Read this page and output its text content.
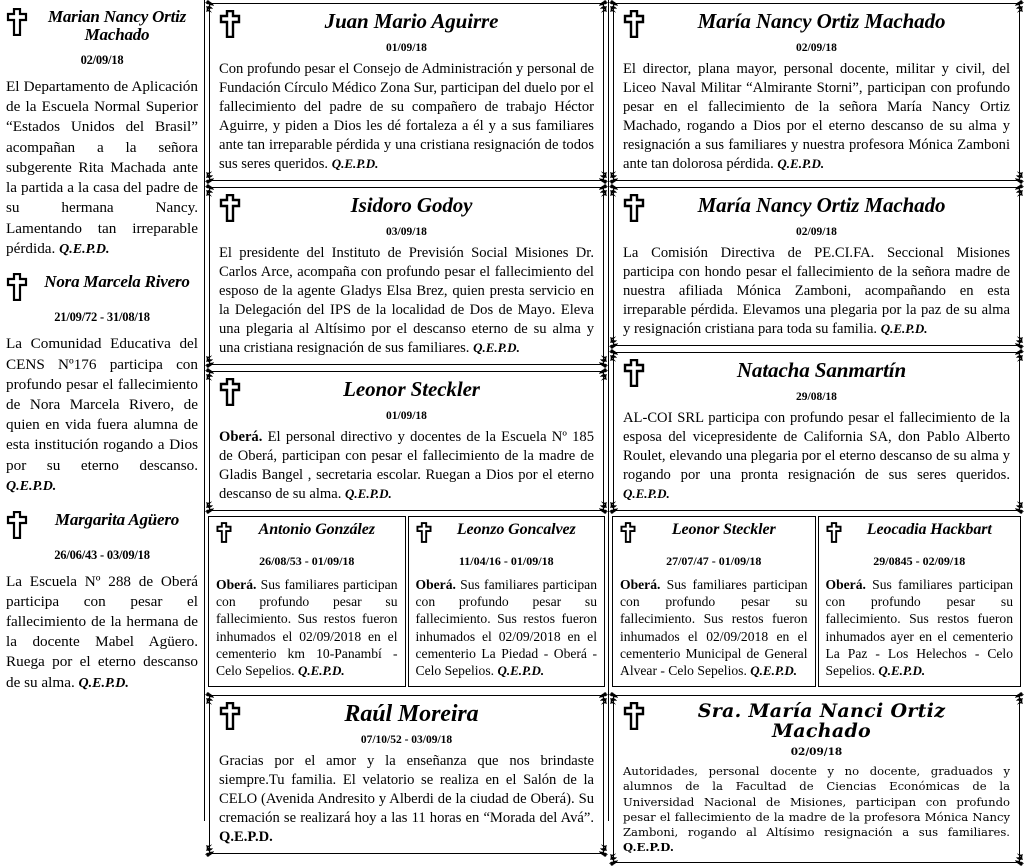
Marian Nancy Ortiz Machado
02/09/18
El Departamento de Aplicación de la Escuela Normal Superior “Estados Unidos del Brasil” acompañan a la señora subgerente Rita Machada ante la partida a la casa del padre de su hermana Nancy. Lamentando tan irreparable pérdida. Q.E.P.D.
Nora Marcela Rivero
21/09/72 - 31/08/18
La Comunidad Educativa del CENS Nº176 participa con profundo pesar el fallecimiento de Nora Marcela Rivero, de quien en vida fuera alumna de esta institución rogando a Dios por su eterno descanso. Q.E.P.D.
Margarita Agüero
26/06/43 - 03/09/18
La Escuela Nº 288 de Oberá participa con pesar el fallecimiento de la hermana de la docente Mabel Agüero. Ruega por el eterno descanso de su alma. Q.E.P.D.
Juan Mario Aguirre
01/09/18
Con profundo pesar el Consejo de Administración y personal de Fundación Círculo Médico Zona Sur, participan del duelo por el fallecimiento del padre de su compañero de trabajo Héctor Aguirre, y piden a Dios les dé fortaleza a él y a sus familiares ante tan irreparable pérdida y una cristiana resignación de todos sus seres queridos. Q.E.P.D.
Isidoro Godoy
03/09/18
El presidente del Instituto de Previsión Social Misiones Dr. Carlos Arce, acompaña con profundo pesar el fallecimiento del esposo de la agente Gladys Elsa Brez, quien presta servicio en la Delegación del IPS de la localidad de Dos de Mayo. Eleva una plegaria al Altísimo por el descanso eterno de su alma y una cristiana resignación de sus familiares. Q.E.P.D.
Leonor Steckler
01/09/18
Oberá. El personal directivo y docentes de la Escuela Nº 185 de Oberá, participan con pesar el fallecimiento de la madre de Gladis Bangel , secretaria escolar. Ruegan a Dios por el eterno descanso de su alma. Q.E.P.D.
Antonio González
26/08/53 - 01/09/18
Oberá. Sus familiares participan con profundo pesar su fallecimiento. Sus restos fueron inhumados el 02/09/2018 en el cementerio km 10-Panambí - Celo Sepelios. Q.E.P.D.
Leonzo Goncalvez
11/04/16 - 01/09/18
Oberá. Sus familiares participan con profundo pesar su fallecimiento. Sus restos fueron inhumados el 02/09/2018 en el cementerio La Piedad - Oberá - Celo Sepelios. Q.E.P.D.
Raúl Moreira
07/10/52 - 03/09/18
Gracias por el amor y la enseñanza que nos brindaste siempre.Tu familia. El velatorio se realiza en el Salón de la CELO (Avenida Andresito y Alberdi de la ciudad de Oberá). Su cremación se realizará hoy a las 11 horas en “Morada del Avá”. Q.E.P.D.
María Nancy Ortiz Machado
02/09/18
El director, plana mayor, personal docente, militar y civil, del Liceo Naval Militar “Almirante Storni”, participan con profundo pesar en el fallecimiento de la señora María Nancy Ortiz Machado, rogando a Dios por el eterno descanso de su alma y resignación a sus familiares y nuestra profesora Mónica Zamboni ante tan dolorosa pérdida. Q.E.P.D.
María Nancy Ortiz Machado
02/09/18
La Comisión Directiva de PE.CI.FA. Seccional Misiones participa con hondo pesar el fallecimiento de la señora madre de nuestra afiliada Mónica Zamboni, acompañando en esta irreparable pérdida. Elevamos una plegaria por la paz de su alma y resignación cristiana para toda su familia. Q.E.P.D.
Natacha Sanmartín
29/08/18
AL-COI SRL participa con profundo pesar el fallecimiento de la esposa del vicepresidente de California SA, don Pablo Alberto Roulet, elevando una plegaria por el eterno descanso de su alma y rogando por una pronta resignación de sus seres queridos. Q.E.P.D.
Leonor Steckler
27/07/47 - 01/09/18
Oberá. Sus familiares participan con profundo pesar su fallecimiento. Sus restos fueron inhumados el 02/09/2018 en el cementerio Municipal de General Alvear - Celo Sepelios. Q.E.P.D.
Leocadia Hackbart
29/0845 - 02/09/18
Oberá. Sus familiares participan con profundo pesar su fallecimiento. Sus restos fueron inhumados ayer en el cementerio La Paz - Los Helechos - Celo Sepelios. Q.E.P.D.
Sra. María Nanci Ortiz Machado
02/09/18
Autoridades, personal docente y no docente, graduados y alumnos de la Facultad de Ciencias Económicas de la Universidad Nacional de Misiones, participan con profundo pesar el fallecimiento de la madre de la profesora Mónica Nancy Zamboni, rogando al Altísimo resignación a sus familiares. Q.E.P.D.
